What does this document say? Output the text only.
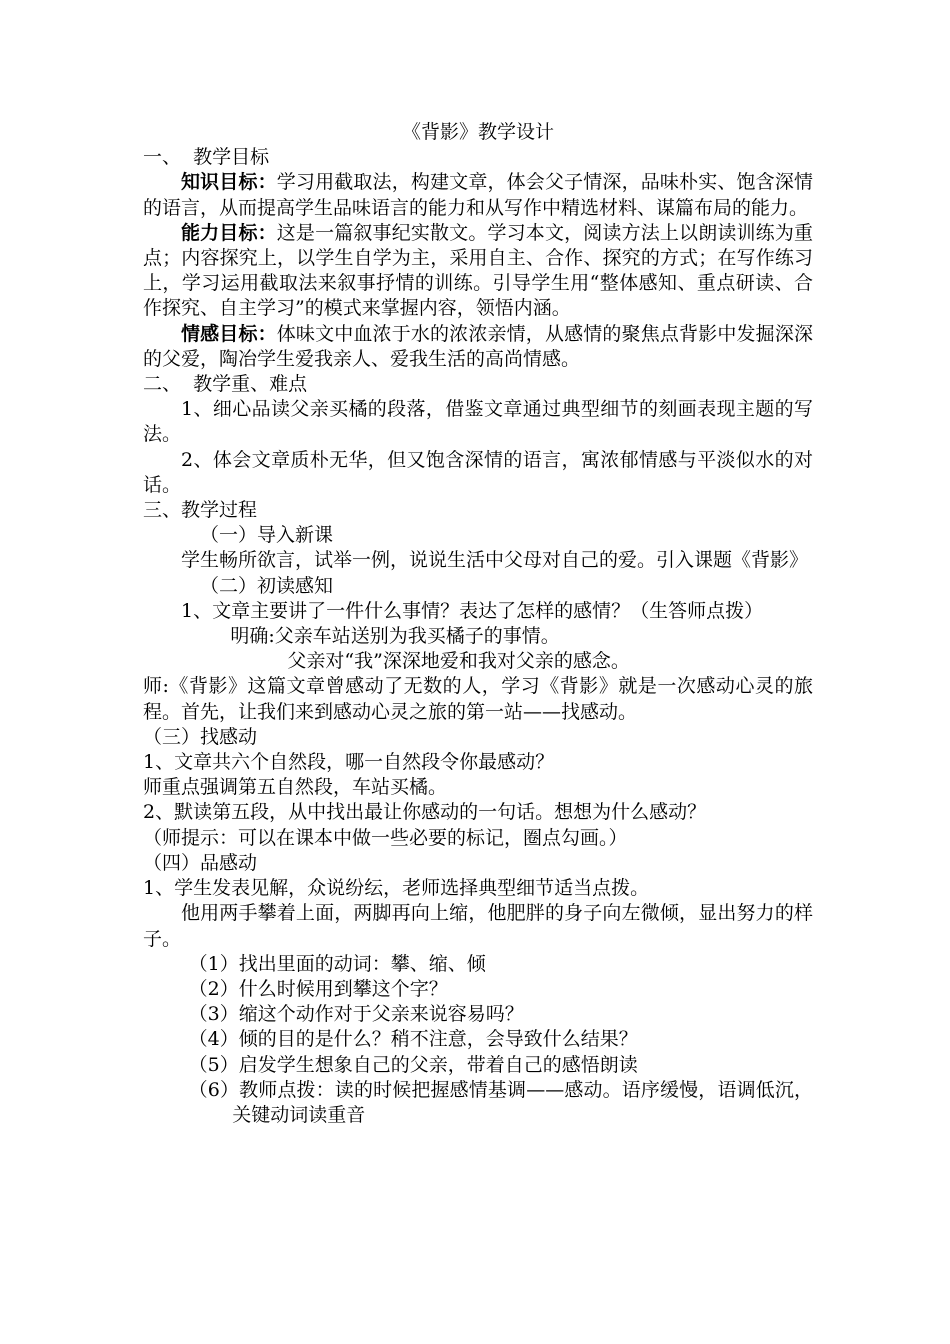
《背影》教学设计

一、  教学目标

知识目标：学习用截取法，构建文章，体会父子情深，品味朴实、饱含深情的语言，从而提高学生品味语言的能力和从写作中精选材料、谋篇布局的能力。

能力目标：这是一篇叙事纪实散文。学习本文，阅读方法上以朗读训练为重点；内容探究上，以学生自学为主，采用自主、合作、探究的方式；在写作练习上，学习运用截取法来叙事抒情的训练。引导学生用“整体感知、重点研读、合作探究、自主学习”的模式来掌握内容，领悟内涵。

情感目标：体味文中血浓于水的浓浓亲情，从感情的聚焦点背影中发掘深深的父爱，陶冶学生爱我亲人、爱我生活的高尚情感。

二、  教学重、难点

1、细心品读父亲买橘的段落，借鉴文章通过典型细节的刻画表现主题的写法。

2、体会文章质朴无华，但又饱含深情的语言，寓浓郁情感与平淡似水的对话。

三、教学过程

（一）导入新课

学生畅所欲言，试举一例，说说生活中父母对自己的爱。引入课题《背影》

（二）初读感知

1、文章主要讲了一件什么事情？表达了怎样的感情？（生答师点拨）

明确:父亲车站送别为我买橘子的事情。

父亲对“我”深深地爱和我对父亲的感念。

师:《背影》这篇文章曾感动了无数的人，学习《背影》就是一次感动心灵的旅程。首先，让我们来到感动心灵之旅的第一站——找感动。

（三）找感动

1、文章共六个自然段，哪一自然段令你最感动？

师重点强调第五自然段，车站买橘。

2、默读第五段，从中找出最让你感动的一句话。想想为什么感动？

（师提示：可以在课本中做一些必要的标记，圈点勾画。）

（四）品感动

1、学生发表见解，众说纷纭，老师选择典型细节适当点拨。

他用两手攀着上面，两脚再向上缩，他肥胖的身子向左微倾，显出努力的样子。

（1）找出里面的动词：攀、缩、倾

（2）什么时候用到攀这个字？

（3）缩这个动作对于父亲来说容易吗？

（4）倾的目的是什么？稍不注意，会导致什么结果？

（5）启发学生想象自己的父亲，带着自己的感悟朗读

（6）教师点拨：读的时候把握感情基调——感动。语序缓慢，语调低沉，关键动词读重音
